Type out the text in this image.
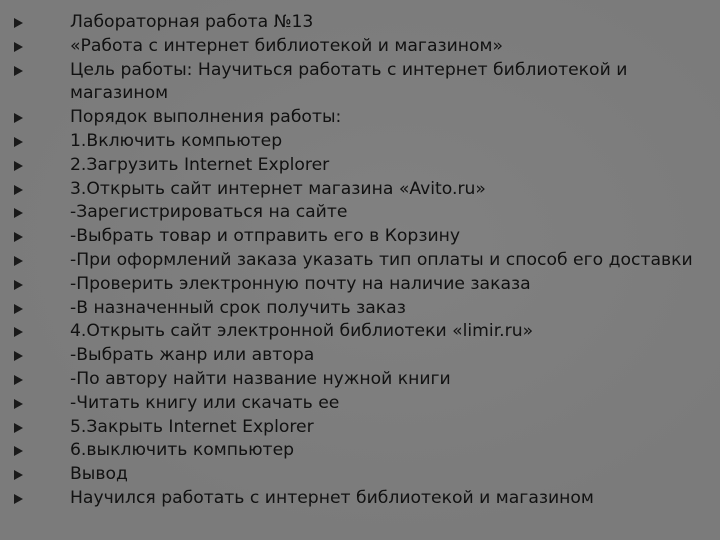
Лабораторная работа №13
«Работа с интернет библиотекой и магазином»
Цель работы: Научиться работать с интернет библиотекой и магазином
Порядок выполнения работы:
1.Включить компьютер
2.Загрузить Internet Explorer
3.Открыть сайт интернет магазина «Avito.ru»
-Зарегистрироваться на сайте
-Выбрать товар и отправить его в Корзину
-При оформлений заказа указать тип оплаты и способ его доставки
-Проверить электронную почту на наличие заказа
-В назначенный срок получить заказ
4.Открыть сайт электронной библиотеки «limir.ru»
-Выбрать жанр или автора
-По автору найти название нужной книги
-Читать книгу или скачать ее
5.Закрыть Internet Explorer
6.выключить компьютер
Вывод
Научился работать с интернет библиотекой и магазином
